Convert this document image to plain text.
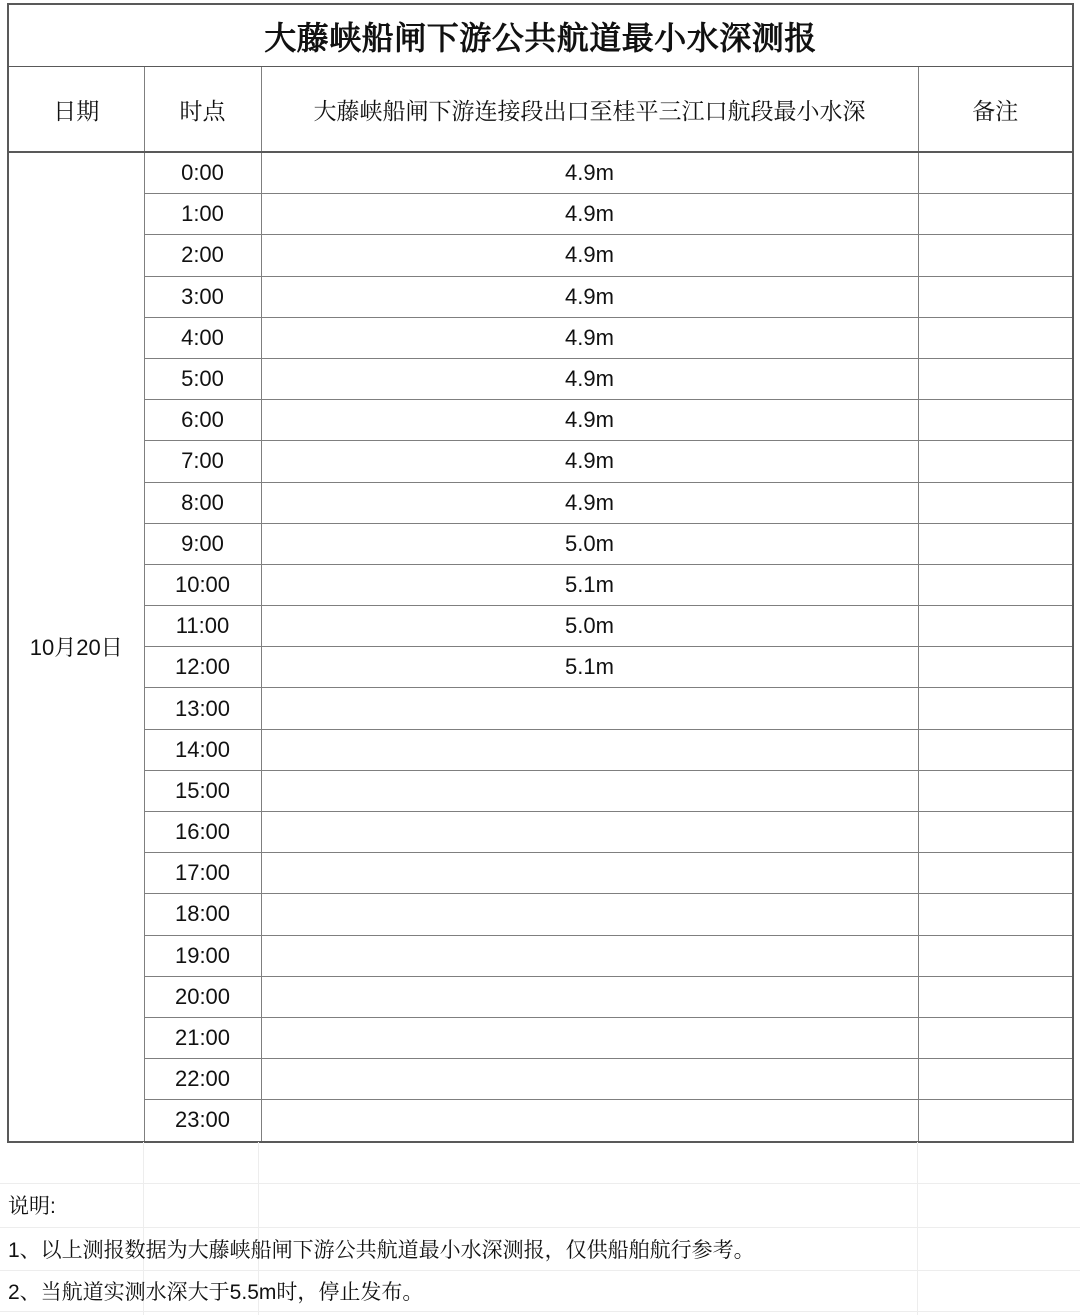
大藤峡船闸下游公共航道最小水深测报			
日期	时点	大藤峡船闸下游连接段出口至桂平三江口航段最小水深	备注
10月20日	0:00	4.9m	
	1:00	4.9m	
	2:00	4.9m	
	3:00	4.9m	
	4:00	4.9m	
	5:00	4.9m	
	6:00	4.9m	
	7:00	4.9m	
	8:00	4.9m	
	9:00	5.0m	
	10:00	5.1m	
	11:00	5.0m	
	12:00	5.1m	
	13:00		
	14:00		
	15:00		
	16:00		
	17:00		
	18:00		
	19:00		
	20:00		
	21:00		
	22:00		
	23:00		
说明:
1、以上测报数据为大藤峡船闸下游公共航道最小水深测报，仅供船舶航行参考。
2、当航道实测水深大于5.5m时，停止发布。
